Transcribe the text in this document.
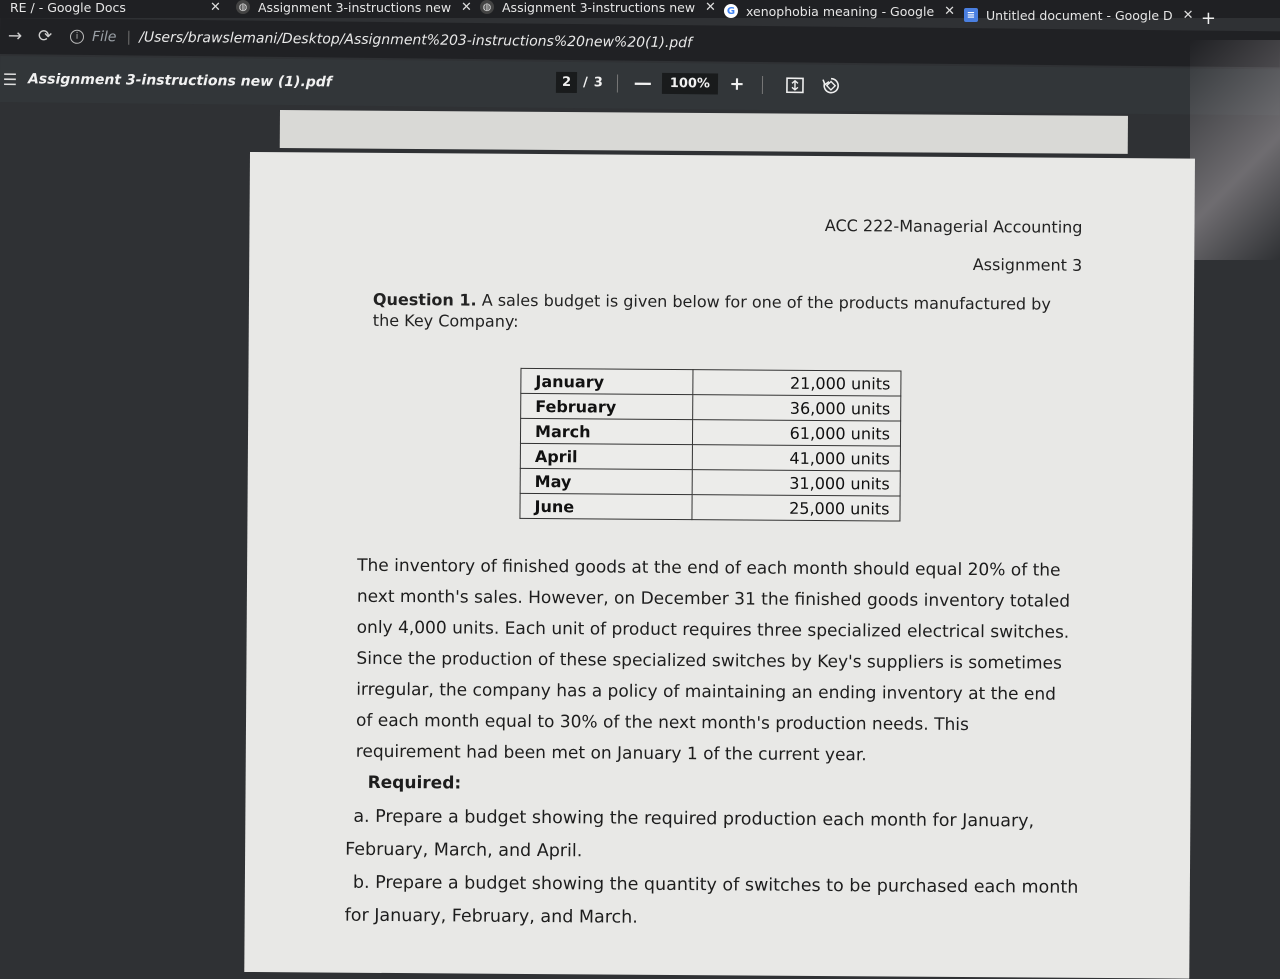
RE / - Google Docs	✕ ◍ Assignment 3-instructions new ✕ ◍ Assignment 3-instructions new ✕ G xenophobia meaning - Google ✕ ≡ Untitled document - Google D ✕ +
→ ⟳	i File | /Users/brawslemani/Desktop/Assignment%203-instructions%20new%20(1).pdf
☰ Assignment 3-instructions new (1).pdf	2 / 3 —	100%	+
ACC 222-Managerial Accounting
Assignment 3
Question 1. A sales budget is given below for one of the products manufactured by the Key Company:
January	21,000 units
February	36,000 units
March	61,000 units
April	41,000 units
May	31,000 units
June	25,000 units
The inventory of finished goods at the end of each month should equal 20% of the next month's sales. However, on December 31 the finished goods inventory totaled only 4,000 units. Each unit of product requires three specialized electrical switches. Since the production of these specialized switches by Key's suppliers is sometimes irregular, the company has a policy of maintaining an ending inventory at the end of each month equal to 30% of the next month's production needs. This requirement had been met on January 1 of the current year.
Required:
a. Prepare a budget showing the required production each month for January, February, March, and April.
b. Prepare a budget showing the quantity of switches to be purchased each month for January, February, and March.
